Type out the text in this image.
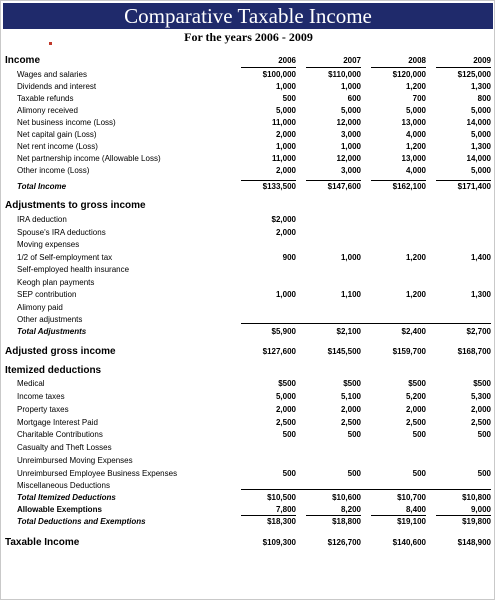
Comparative Taxable Income
For the years 2006 - 2009
Income	2006	2007	2008	2009
Wages and salaries	$100,000	$110,000	$120,000	$125,000
Dividends and interest	1,000	1,000	1,200	1,300
Taxable refunds	500	600	700	800
Alimony received	5,000	5,000	5,000	5,000
Net business income (Loss)	11,000	12,000	13,000	14,000
Net capital gain (Loss)	2,000	3,000	4,000	5,000
Net rent income (Loss)	1,000	1,000	1,200	1,300
Net partnership income (Allowable Loss)	11,000	12,000	13,000	14,000
Other income (Loss)	2,000	3,000	4,000	5,000
Total Income	$133,500	$147,600	$162,100	$171,400
Adjustments to gross income
IRA deduction	$2,000
Spouse's IRA deductions	2,000
Moving expenses
1/2 of Self-employment tax	900	1,000	1,200	1,400
Self-employed health insurance
Keogh plan payments
SEP contribution	1,000	1,100	1,200	1,300
Alimony paid
Other adjustments
Total Adjustments	$5,900	$2,100	$2,400	$2,700
Adjusted gross income	$127,600	$145,500	$159,700	$168,700
Itemized deductions
Medical	$500	$500	$500	$500
Income taxes	5,000	5,100	5,200	5,300
Property taxes	2,000	2,000	2,000	2,000
Mortgage Interest Paid	2,500	2,500	2,500	2,500
Charitable Contributions	500	500	500	500
Casualty and Theft Losses
Unreimbursed Moving Expenses
Unreimbursed Employee Business Expenses	500	500	500	500
Miscellaneous Deductions
Total Itemized Deductions	$10,500	$10,600	$10,700	$10,800
Allowable Exemptions	7,800	8,200	8,400	9,000
Total Deductions and Exemptions	$18,300	$18,800	$19,100	$19,800
Taxable Income	$109,300	$126,700	$140,600	$148,900
